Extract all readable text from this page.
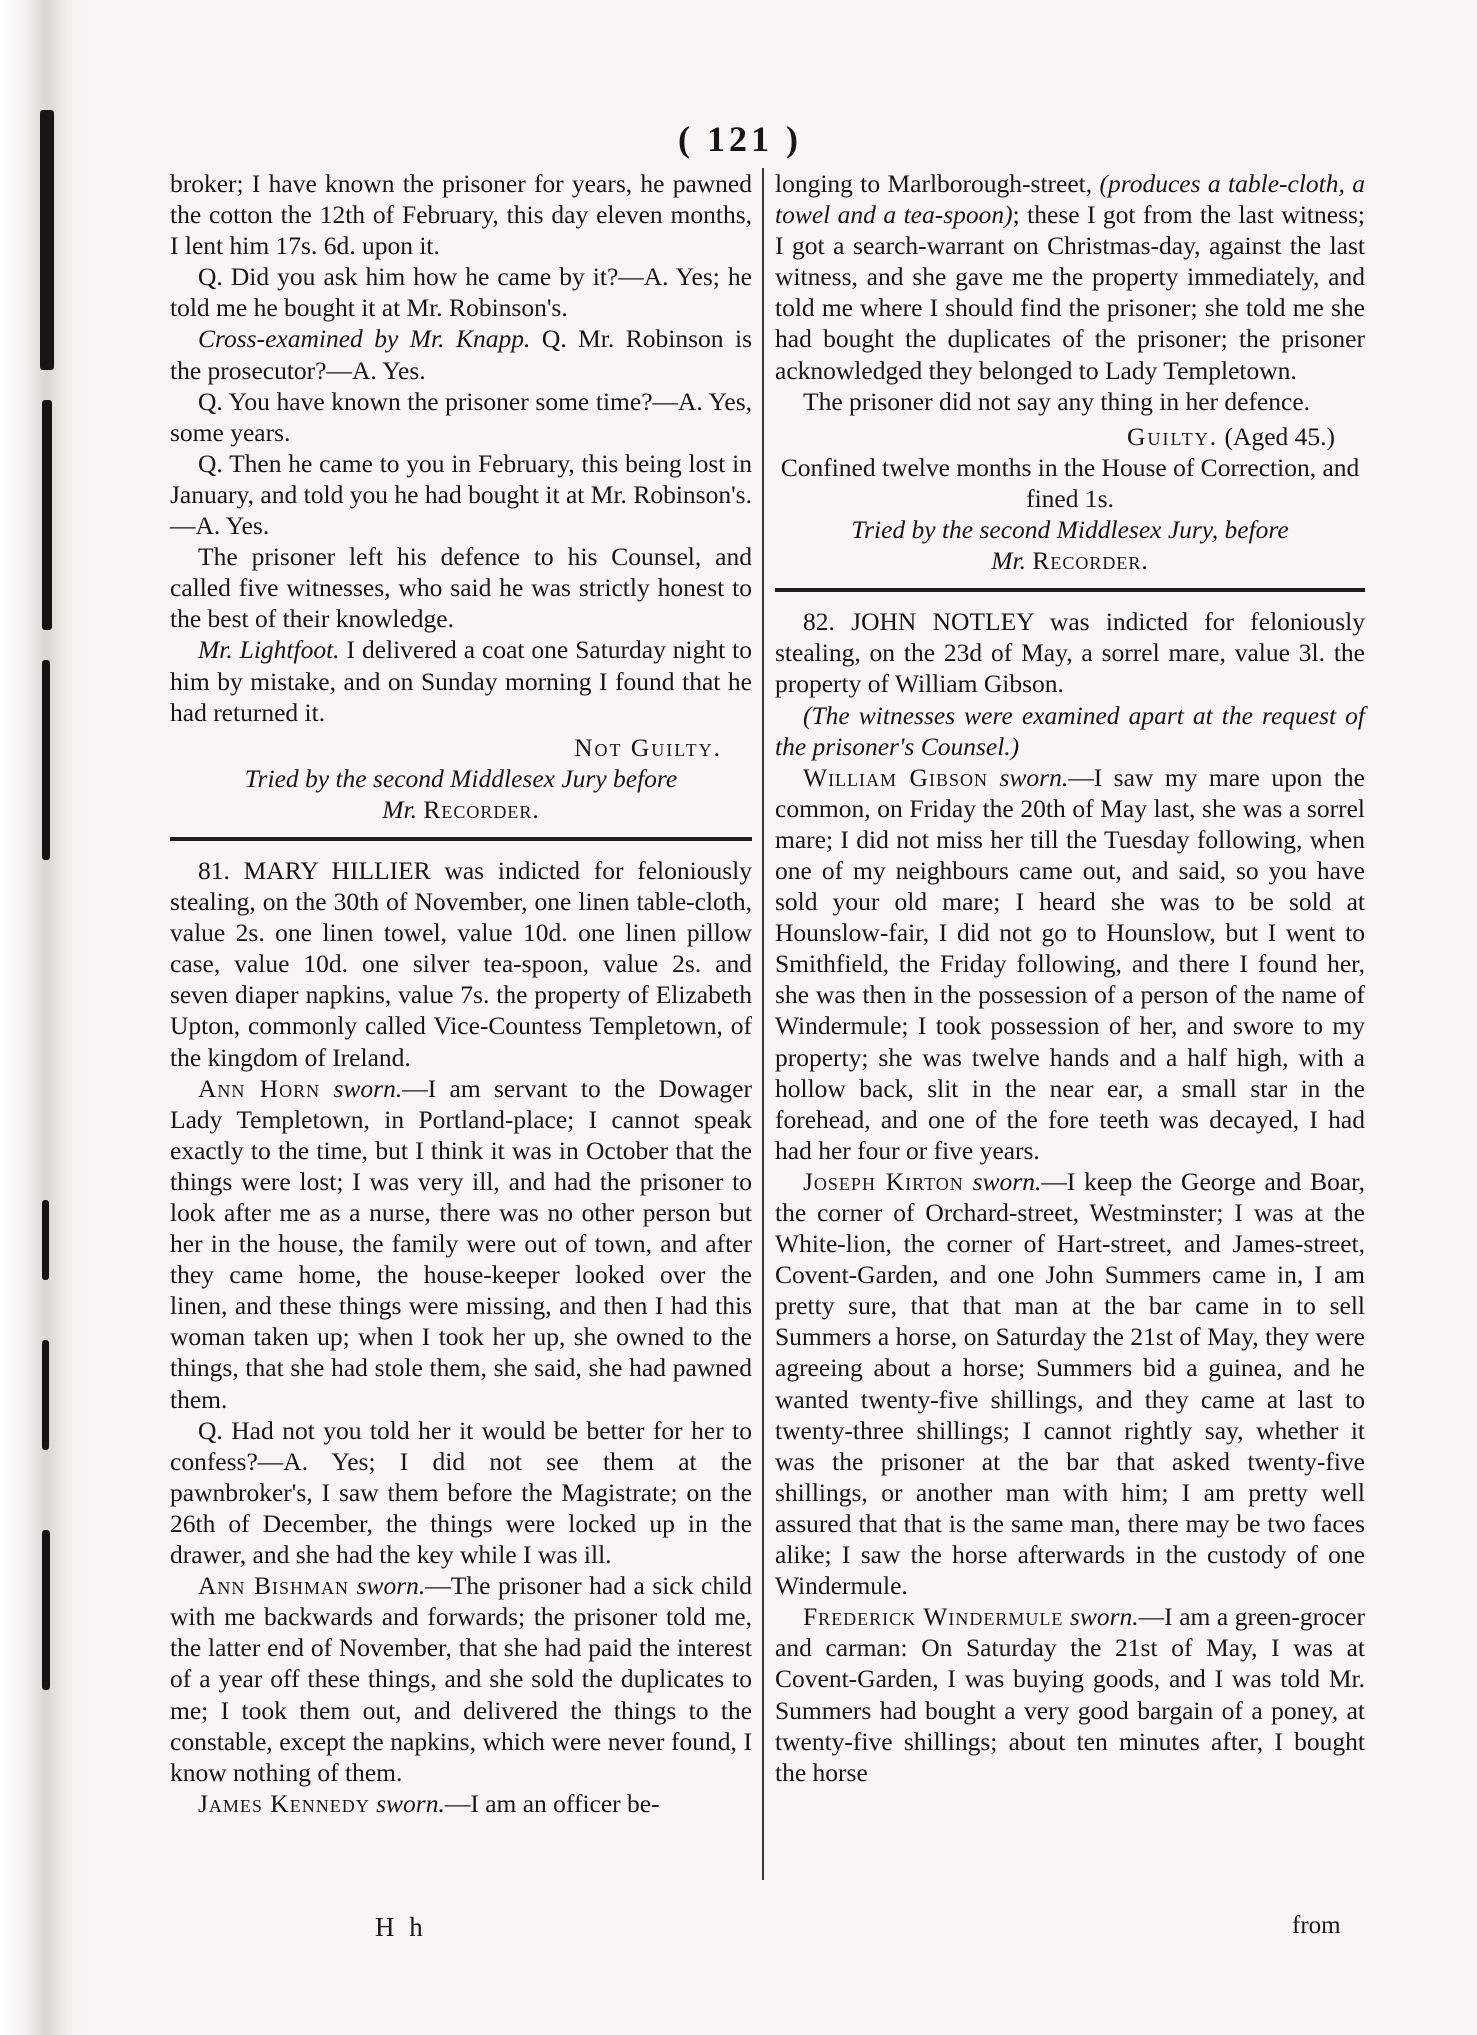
( 121 )

broker; I have known the prisoner for years, he pawned the cotton the 12th of February, this day eleven months, I lent him 17s. 6d. upon it.

Q. Did you ask him how he came by it?—A. Yes; he told me he bought it at Mr. Robinson's.

Cross-examined by Mr. Knapp. Q. Mr. Robinson is the prosecutor?—A. Yes.

Q. You have known the prisoner some time?—A. Yes, some years.

Q. Then he came to you in February, this being lost in January, and told you he had bought it at Mr. Robinson's.—A. Yes.

The prisoner left his defence to his Counsel, and called five witnesses, who said he was strictly honest to the best of their knowledge.

Mr. Lightfoot. I delivered a coat one Saturday night to him by mistake, and on Sunday morning I found that he had returned it.

Not Guilty.

Tried by the second Middlesex Jury before

Mr. Recorder.

81. MARY HILLIER was indicted for feloniously stealing, on the 30th of November, one linen table-cloth, value 2s. one linen towel, value 10d. one linen pillow case, value 10d. one silver tea-spoon, value 2s. and seven diaper napkins, value 7s. the property of Elizabeth Upton, commonly called Vice-Countess Templetown, of the kingdom of Ireland.

Ann Horn sworn.—I am servant to the Dowager Lady Templetown, in Portland-place; I cannot speak exactly to the time, but I think it was in October that the things were lost; I was very ill, and had the prisoner to look after me as a nurse, there was no other person but her in the house, the family were out of town, and after they came home, the house-keeper looked over the linen, and these things were missing, and then I had this woman taken up; when I took her up, she owned to the things, that she had stole them, she said, she had pawned them.

Q. Had not you told her it would be better for her to confess?—A. Yes; I did not see them at the pawnbroker's, I saw them before the Magistrate; on the 26th of December, the things were locked up in the drawer, and she had the key while I was ill.

Ann Bishman sworn.—The prisoner had a sick child with me backwards and forwards; the prisoner told me, the latter end of November, that she had paid the interest of a year off these things, and she sold the duplicates to me; I took them out, and delivered the things to the constable, except the napkins, which were never found, I know nothing of them.

James Kennedy sworn.—I am an officer be-

longing to Marlborough-street, (produces a table-cloth, a towel and a tea-spoon); these I got from the last witness; I got a search-warrant on Christmas-day, against the last witness, and she gave me the property immediately, and told me where I should find the prisoner; she told me she had bought the duplicates of the prisoner; the prisoner acknowledged they belonged to Lady Templetown.

The prisoner did not say any thing in her defence.

Guilty. (Aged 45.)

Confined twelve months in the House of Correction, and fined 1s.

Tried by the second Middlesex Jury, before

Mr. Recorder.

82. JOHN NOTLEY was indicted for feloniously stealing, on the 23d of May, a sorrel mare, value 3l. the property of William Gibson.

(The witnesses were examined apart at the request of the prisoner's Counsel.)

William Gibson sworn.—I saw my mare upon the common, on Friday the 20th of May last, she was a sorrel mare; I did not miss her till the Tuesday following, when one of my neighbours came out, and said, so you have sold your old mare; I heard she was to be sold at Hounslow-fair, I did not go to Hounslow, but I went to Smithfield, the Friday following, and there I found her, she was then in the possession of a person of the name of Windermule; I took possession of her, and swore to my property; she was twelve hands and a half high, with a hollow back, slit in the near ear, a small star in the forehead, and one of the fore teeth was decayed, I had had her four or five years.

Joseph Kirton sworn.—I keep the George and Boar, the corner of Orchard-street, Westminster; I was at the White-lion, the corner of Hart-street, and James-street, Covent-Garden, and one John Summers came in, I am pretty sure, that that man at the bar came in to sell Summers a horse, on Saturday the 21st of May, they were agreeing about a horse; Summers bid a guinea, and he wanted twenty-five shillings, and they came at last to twenty-three shillings; I cannot rightly say, whether it was the prisoner at the bar that asked twenty-five shillings, or another man with him; I am pretty well assured that that is the same man, there may be two faces alike; I saw the horse afterwards in the custody of one Windermule.

Frederick Windermule sworn.—I am a green-grocer and carman: On Saturday the 21st of May, I was at Covent-Garden, I was buying goods, and I was told Mr. Summers had bought a very good bargain of a poney, at twenty-five shillings; about ten minutes after, I bought the horse

H h	from
